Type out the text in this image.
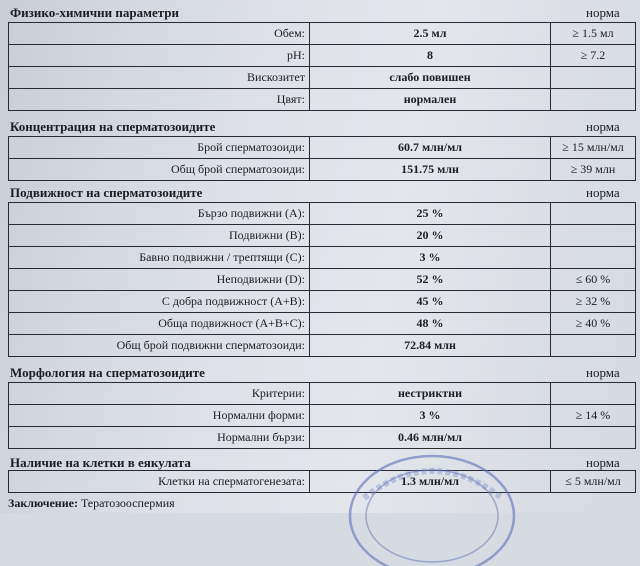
Физико-химични параметри	норма
Обем:	2.5 мл	≥ 1.5 мл
pH:	8	≥ 7.2
Вискозитет	слабо повишен	
Цвят:	нормален	
Концентрация на сперматозоидите	норма
Брой сперматозоиди:	60.7 млн/мл	≥ 15 млн/мл
Общ брой сперматозоиди:	151.75 млн	≥ 39 млн
Подвижност на сперматозоидите	норма
Бързо подвижни (А):	25 %	
Подвижни (В):	20 %	
Бавно подвижни / трептящи (С):	3 %	
Неподвижни (D):	52 %	≤ 60 %
С добра подвижност (А+В):	45 %	≥ 32 %
Обща подвижност (А+В+С):	48 %	≥ 40 %
Общ брой подвижни сперматозоиди:	72.84 млн	
Морфология на сперматозоидите	норма
Критерии:	нестриктни	
Нормални форми:	3 %	≥ 14 %
Нормални бързи:	0.46 млн/мл	
Наличие на клетки в еякулата	норма
Клетки на сперматогенезата:	1.3 млн/мл	≤ 5 млн/мл
Заключение: Тератозооспермия
